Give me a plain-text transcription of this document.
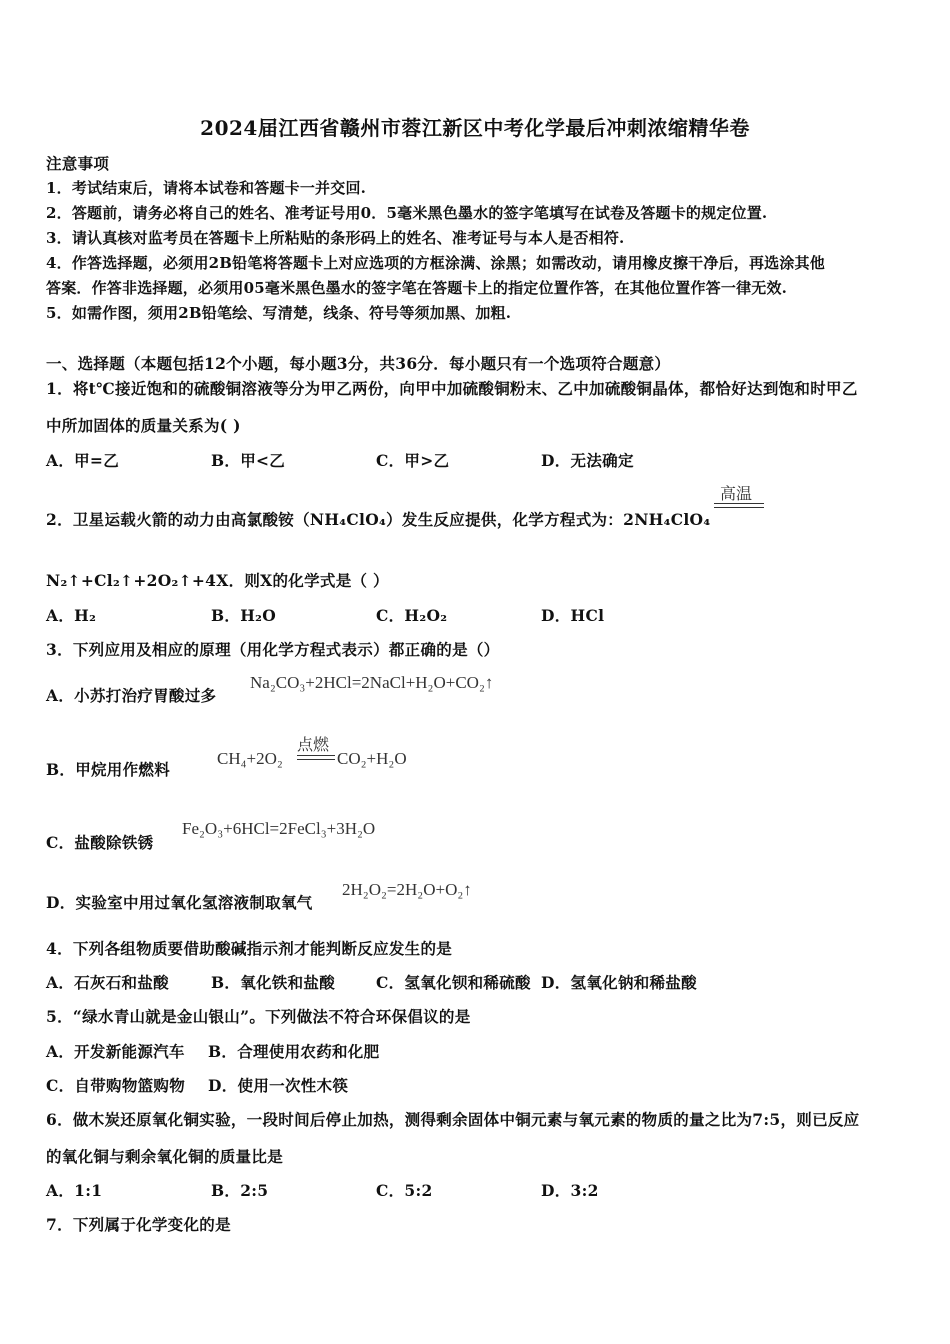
2024届江西省赣州市蓉江新区中考化学最后冲刺浓缩精华卷
注意事项
1．考试结束后，请将本试卷和答题卡一并交回.
2．答题前，请务必将自己的姓名、准考证号用0．5毫米黑色墨水的签字笔填写在试卷及答题卡的规定位置.
3．请认真核对监考员在答题卡上所粘贴的条形码上的姓名、准考证号与本人是否相符.
4．作答选择题，必须用2B铅笔将答题卡上对应选项的方框涂满、涂黑；如需改动，请用橡皮擦干净后，再选涂其他
答案．作答非选择题，必须用05毫米黑色墨水的签字笔在答题卡上的指定位置作答，在其他位置作答一律无效.
5．如需作图，须用2B铅笔绘、写清楚，线条、符号等须加黑、加粗.
一、选择题（本题包括12个小题，每小题3分，共36分．每小题只有一个选项符合题意）
1．将t℃接近饱和的硫酸铜溶液等分为甲乙两份，向甲中加硫酸铜粉末、乙中加硫酸铜晶体，都恰好达到饱和时甲乙
中所加固体的质量关系为( )
A．甲=乙	B．甲<乙	C．甲>乙	D．无法确定
2．卫星运载火箭的动力由高氯酸铵（NH₄ClO₄）发生反应提供，化学方程式为：2NH₄ClO₄
高温
N₂↑+Cl₂↑+2O₂↑+4X．则X的化学式是（ ）
A．H₂	B．H₂O	C．H₂O₂	D．HCl
3．下列应用及相应的原理（用化学方程式表示）都正确的是（）
A．小苏打治疗胃酸过多
Na₂CO₃+2HCl=2NaCl+H₂O+CO₂↑
B．甲烷用作燃料
CH₄+2O₂
点燃
CO₂+H₂O
C．盐酸除铁锈
Fe₂O₃+6HCl=2FeCl₃+3H₂O
D．实验室中用过氧化氢溶液制取氧气
2H₂O₂=2H₂O+O₂↑
4．下列各组物质要借助酸碱指示剂才能判断反应发生的是
A．石灰石和盐酸	B．氧化铁和盐酸	C．氢氧化钡和稀硫酸 D．氢氧化钠和稀盐酸
5．“绿水青山就是金山银山”。下列做法不符合环保倡议的是
A．开发新能源汽车 B．合理使用农药和化肥
C．自带购物篮购物 D．使用一次性木筷
6．做木炭还原氧化铜实验，一段时间后停止加热，测得剩余固体中铜元素与氧元素的物质的量之比为7:5，则已反应
的氧化铜与剩余氧化铜的质量比是
A．1:1	B．2:5	C．5:2	D．3:2
7．下列属于化学变化的是
